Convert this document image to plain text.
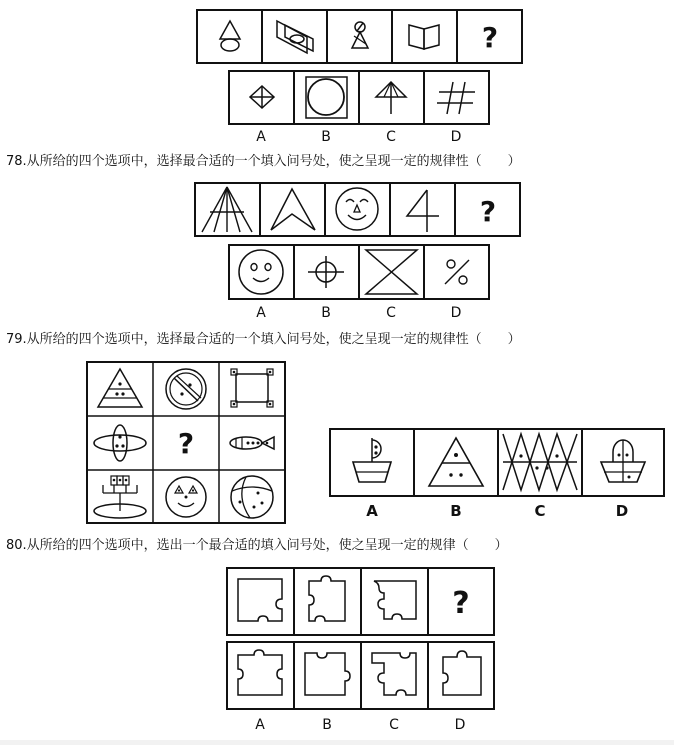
?
A	B	C	D
78.从所给的四个选项中，选择最合适的一个填入问号处，使之呈现一定的规律性（　　）
?
A	B	C	D
79.从所给的四个选项中，选择最合适的一个填入问号处，使之呈现一定的规律性（　　）
?
A	B	C	D
80.从所给的四个选项中，选出一个最合适的填入问号处，使之呈现一定的规律（　　）
?
A	B	C	D
